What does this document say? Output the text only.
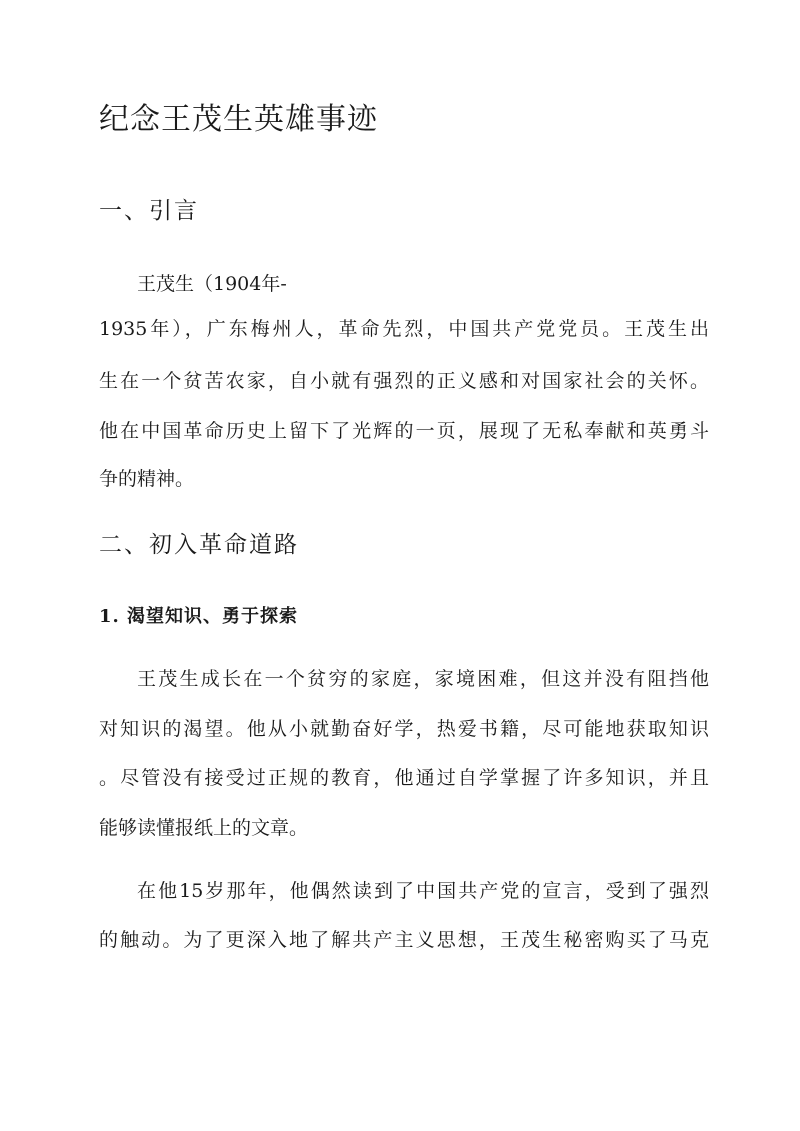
纪念王茂生英雄事迹
一、引言

王茂生（1904年-

1935年），广东梅州人，革命先烈，中国共产党党员。王茂生出

生在一个贫苦农家，自小就有强烈的正义感和对国家社会的关怀。

他在中国革命历史上留下了光辉的一页，展现了无私奉献和英勇斗

争的精神。

二、初入革命道路
1. 渴望知识、勇于探索

王茂生成长在一个贫穷的家庭，家境困难，但这并没有阻挡他

对知识的渴望。他从小就勤奋好学，热爱书籍，尽可能地获取知识

。尽管没有接受过正规的教育，他通过自学掌握了许多知识，并且

能够读懂报纸上的文章。

在他15岁那年，他偶然读到了中国共产党的宣言，受到了强烈

的触动。为了更深入地了解共产主义思想，王茂生秘密购买了马克
